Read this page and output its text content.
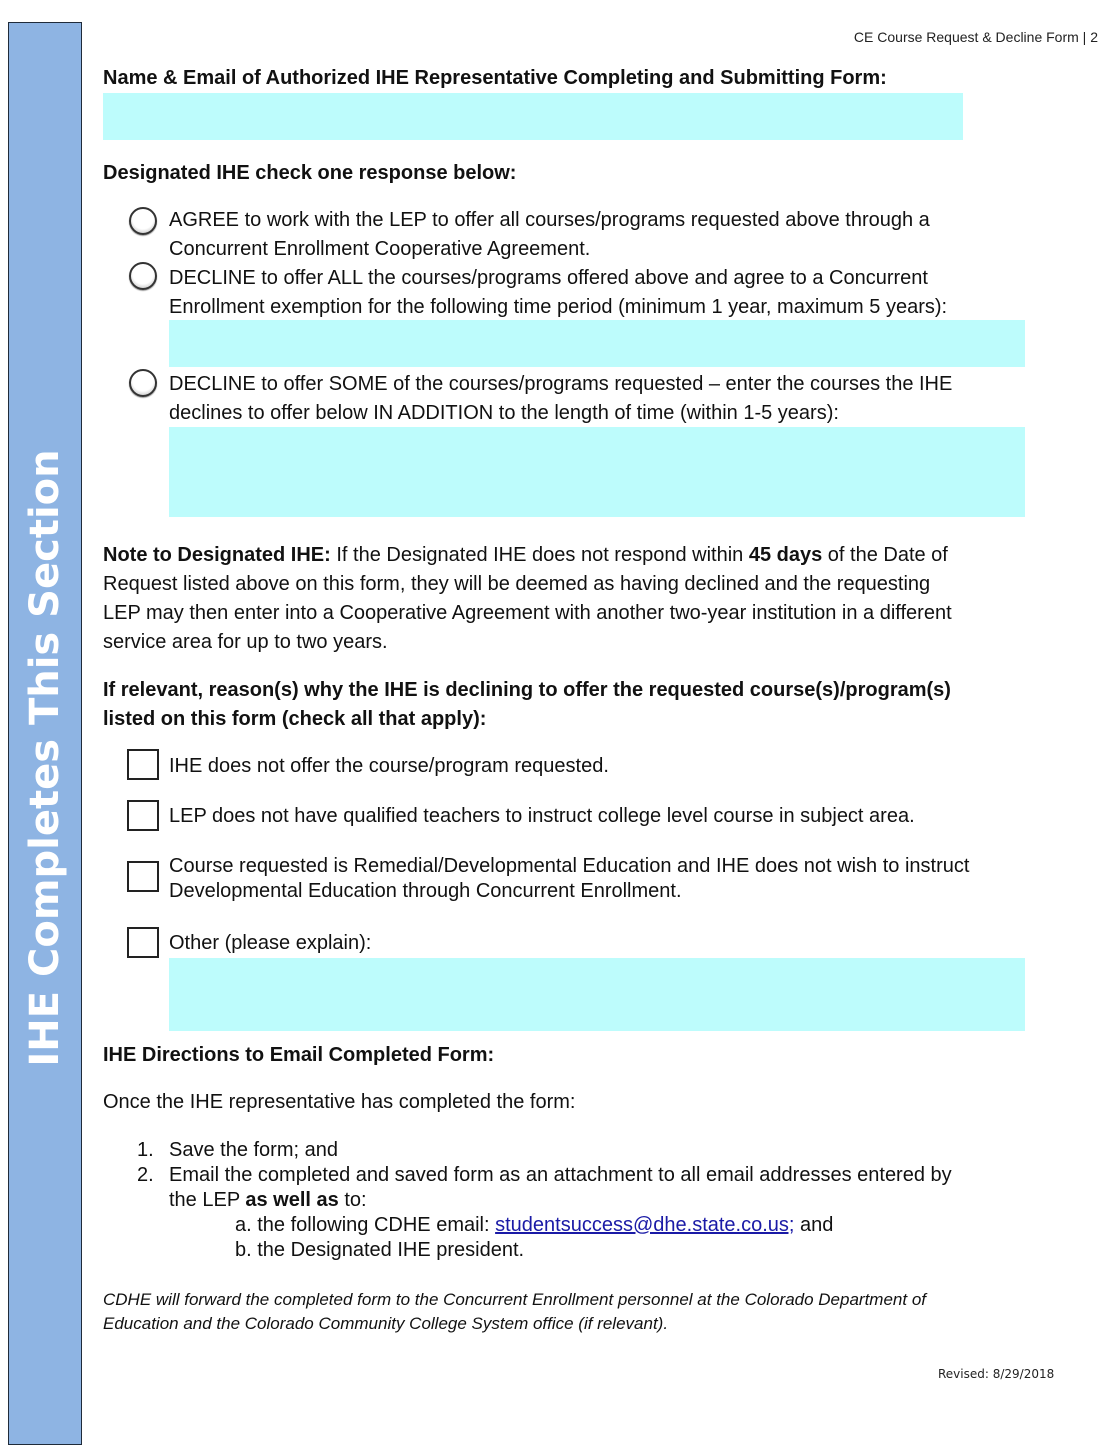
IHE Completes This Section
CE Course Request & Decline Form | 2
Name & Email of Authorized IHE Representative Completing and Submitting Form:
Designated IHE check one response below:
AGREE to work with the LEP to offer all courses/programs requested above through a
Concurrent Enrollment Cooperative Agreement.
DECLINE to offer ALL the courses/programs offered above and agree to a Concurrent
Enrollment exemption for the following time period (minimum 1 year, maximum 5 years):
DECLINE to offer SOME of the courses/programs requested – enter the courses the IHE
declines to offer below IN ADDITION to the length of time (within 1-5 years):
Note to Designated IHE: If the Designated IHE does not respond within 45 days of the Date of
Request listed above on this form, they will be deemed as having declined and the requesting
LEP may then enter into a Cooperative Agreement with another two-year institution in a different
service area for up to two years.
If relevant, reason(s) why the IHE is declining to offer the requested course(s)/program(s)
listed on this form (check all that apply):
IHE does not offer the course/program requested.
LEP does not have qualified teachers to instruct college level course in subject area.
Course requested is Remedial/Developmental Education and IHE does not wish to instruct
Developmental Education through Concurrent Enrollment.
Other (please explain):
IHE Directions to Email Completed Form:
Once the IHE representative has completed the form:
1. Save the form; and
2. Email the completed and saved form as an attachment to all email addresses entered by
the LEP as well as to:
a. the following CDHE email: studentsuccess@dhe.state.co.us; and
b. the Designated IHE president.
CDHE will forward the completed form to the Concurrent Enrollment personnel at the Colorado Department of
Education and the Colorado Community College System office (if relevant).
Revised: 8/29/2018
